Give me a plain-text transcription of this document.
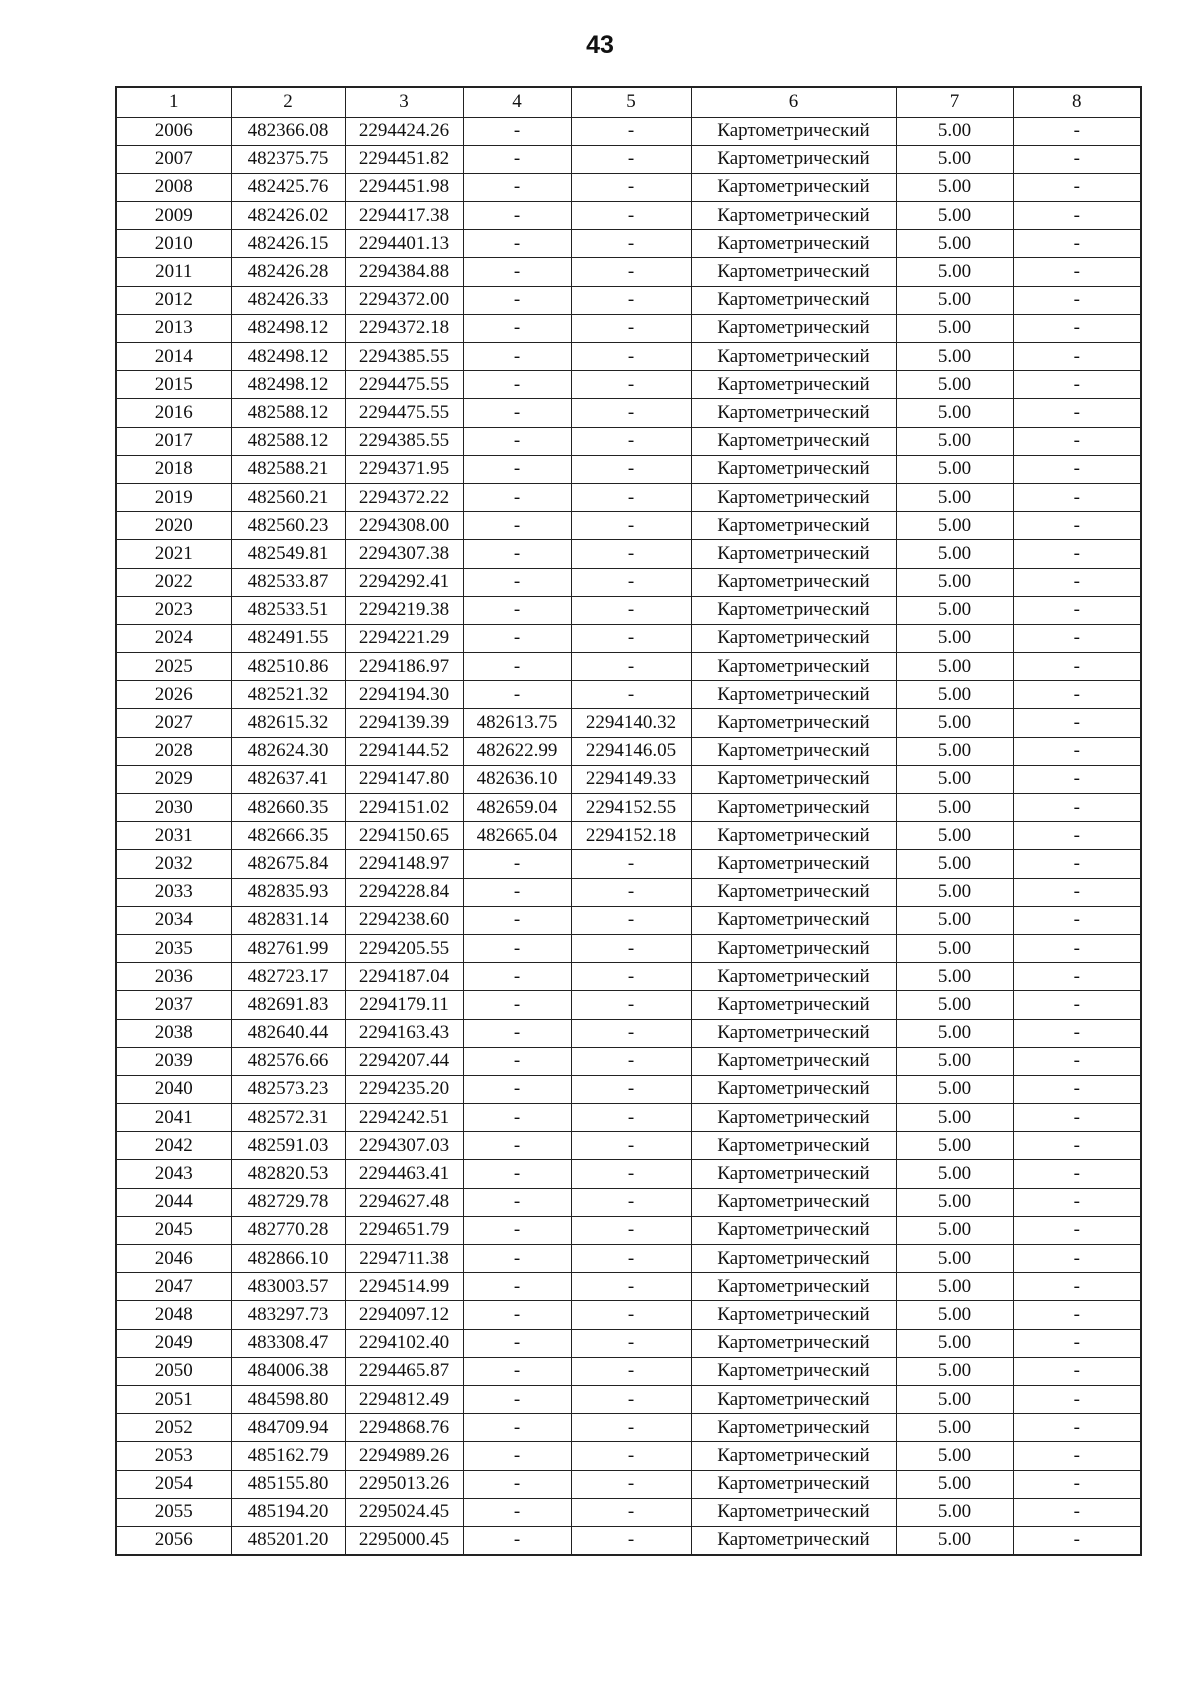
43
1	2	3	4	5	6	7	8
2006	482366.08	2294424.26	-	-	Картометрический	5.00	-
2007	482375.75	2294451.82	-	-	Картометрический	5.00	-
2008	482425.76	2294451.98	-	-	Картометрический	5.00	-
2009	482426.02	2294417.38	-	-	Картометрический	5.00	-
2010	482426.15	2294401.13	-	-	Картометрический	5.00	-
2011	482426.28	2294384.88	-	-	Картометрический	5.00	-
2012	482426.33	2294372.00	-	-	Картометрический	5.00	-
2013	482498.12	2294372.18	-	-	Картометрический	5.00	-
2014	482498.12	2294385.55	-	-	Картометрический	5.00	-
2015	482498.12	2294475.55	-	-	Картометрический	5.00	-
2016	482588.12	2294475.55	-	-	Картометрический	5.00	-
2017	482588.12	2294385.55	-	-	Картометрический	5.00	-
2018	482588.21	2294371.95	-	-	Картометрический	5.00	-
2019	482560.21	2294372.22	-	-	Картометрический	5.00	-
2020	482560.23	2294308.00	-	-	Картометрический	5.00	-
2021	482549.81	2294307.38	-	-	Картометрический	5.00	-
2022	482533.87	2294292.41	-	-	Картометрический	5.00	-
2023	482533.51	2294219.38	-	-	Картометрический	5.00	-
2024	482491.55	2294221.29	-	-	Картометрический	5.00	-
2025	482510.86	2294186.97	-	-	Картометрический	5.00	-
2026	482521.32	2294194.30	-	-	Картометрический	5.00	-
2027	482615.32	2294139.39	482613.75	2294140.32	Картометрический	5.00	-
2028	482624.30	2294144.52	482622.99	2294146.05	Картометрический	5.00	-
2029	482637.41	2294147.80	482636.10	2294149.33	Картометрический	5.00	-
2030	482660.35	2294151.02	482659.04	2294152.55	Картометрический	5.00	-
2031	482666.35	2294150.65	482665.04	2294152.18	Картометрический	5.00	-
2032	482675.84	2294148.97	-	-	Картометрический	5.00	-
2033	482835.93	2294228.84	-	-	Картометрический	5.00	-
2034	482831.14	2294238.60	-	-	Картометрический	5.00	-
2035	482761.99	2294205.55	-	-	Картометрический	5.00	-
2036	482723.17	2294187.04	-	-	Картометрический	5.00	-
2037	482691.83	2294179.11	-	-	Картометрический	5.00	-
2038	482640.44	2294163.43	-	-	Картометрический	5.00	-
2039	482576.66	2294207.44	-	-	Картометрический	5.00	-
2040	482573.23	2294235.20	-	-	Картометрический	5.00	-
2041	482572.31	2294242.51	-	-	Картометрический	5.00	-
2042	482591.03	2294307.03	-	-	Картометрический	5.00	-
2043	482820.53	2294463.41	-	-	Картометрический	5.00	-
2044	482729.78	2294627.48	-	-	Картометрический	5.00	-
2045	482770.28	2294651.79	-	-	Картометрический	5.00	-
2046	482866.10	2294711.38	-	-	Картометрический	5.00	-
2047	483003.57	2294514.99	-	-	Картометрический	5.00	-
2048	483297.73	2294097.12	-	-	Картометрический	5.00	-
2049	483308.47	2294102.40	-	-	Картометрический	5.00	-
2050	484006.38	2294465.87	-	-	Картометрический	5.00	-
2051	484598.80	2294812.49	-	-	Картометрический	5.00	-
2052	484709.94	2294868.76	-	-	Картометрический	5.00	-
2053	485162.79	2294989.26	-	-	Картометрический	5.00	-
2054	485155.80	2295013.26	-	-	Картометрический	5.00	-
2055	485194.20	2295024.45	-	-	Картометрический	5.00	-
2056	485201.20	2295000.45	-	-	Картометрический	5.00	-
